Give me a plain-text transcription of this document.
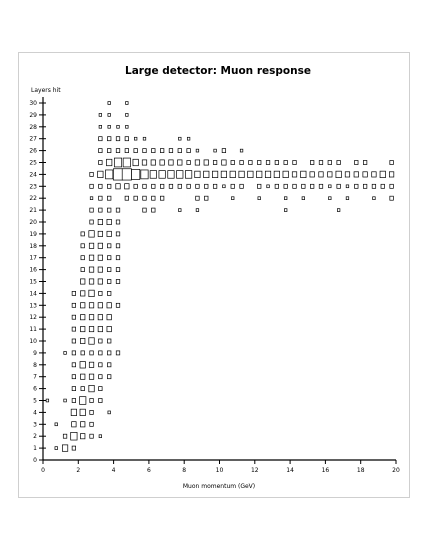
Large detector: Muon response
Layers hit
Muon momentum (GeV)
0	2	4	6	8	10	12	14	16	18	20
0
1
2
3
4
5
6
7
8
9
10
11
12
13
14
15
16
17
18
19
20
21
22
23
24
25
26
27
28
29
30
